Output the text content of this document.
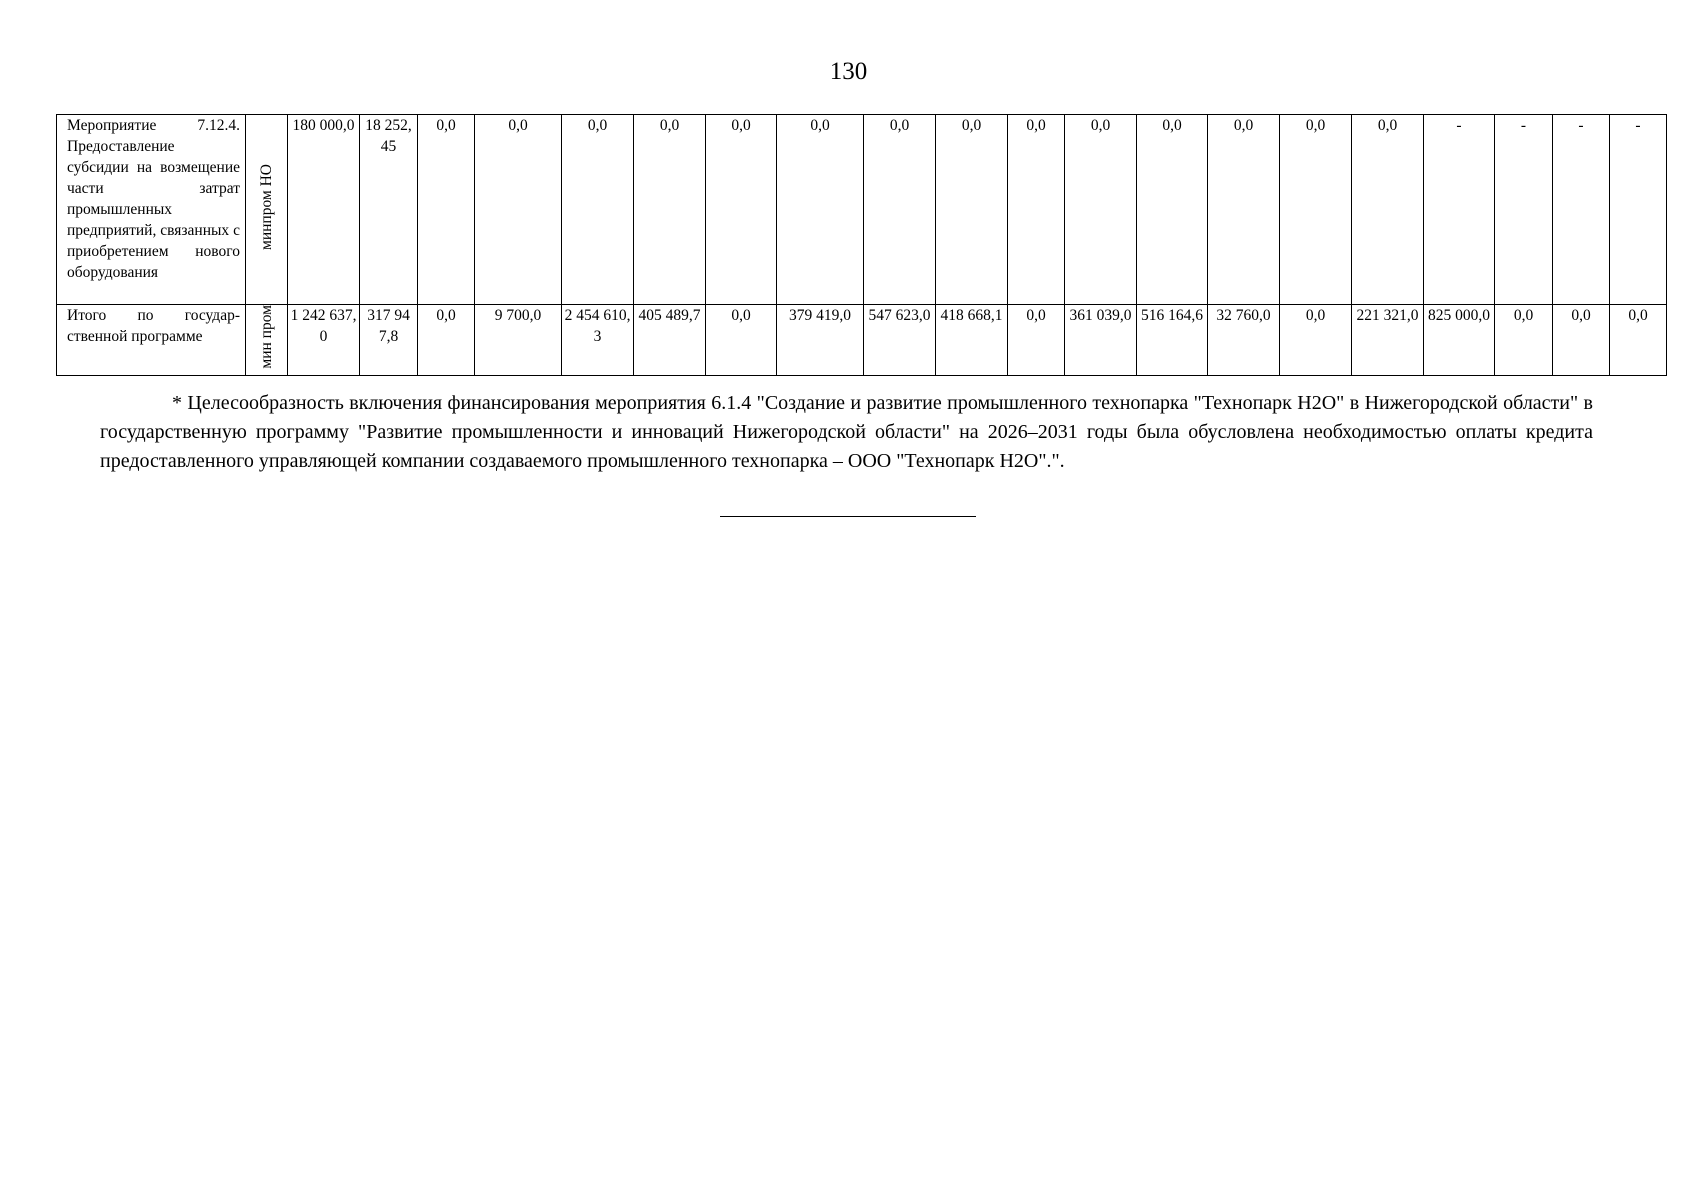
130
Мероприятие 7.12.4. Предоставление субсидии на возмещение части затрат промышленных предприятий, связанных с приобретением нового оборудования	минпром НО	180 000,0	18 252,45	0,0	0,0	0,0	0,0	0,0	0,0	0,0	0,0	0,0	0,0	0,0	0,0	0,0	0,0	-	-	-	-
Итого по государственной программе	мин пром	1 242 637,0	317 947,8	0,0	9 700,0	2 454 610,3	405 489,7	0,0	379 419,0	547 623,0	418 668,1	0,0	361 039,0	516 164,6	32 760,0	0,0	221 321,0	825 000,0	0,0	0,0	0,0

* Целесообразность включения финансирования мероприятия 6.1.4 "Создание и развитие промышленного технопарка "Технопарк Н2О" в Нижегородской области" в государственную программу "Развитие промышленности и инноваций Нижегородской области" на 2026–2031 годы была обусловлена необходимостью оплаты кредита предоставленного управляющей компании создаваемого промышленного технопарка – ООО "Технопарк Н2О".".
